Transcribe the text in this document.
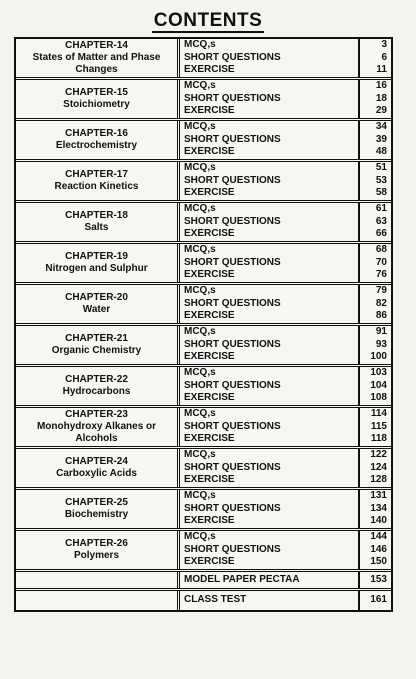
CONTENTS
CHAPTER-14
States of Matter and Phase
Changes
MCQ,s
SHORT QUESTIONS
EXERCISE
3
6
11
CHAPTER-15
Stoichiometry
MCQ,s
SHORT QUESTIONS
EXERCISE
16
18
29
CHAPTER-16
Electrochemistry
MCQ,s
SHORT QUESTIONS
EXERCISE
34
39
48
CHAPTER-17
Reaction Kinetics
MCQ,s
SHORT QUESTIONS
EXERCISE
51
53
58
CHAPTER-18
Salts
MCQ,s
SHORT QUESTIONS
EXERCISE
61
63
66
CHAPTER-19
Nitrogen and Sulphur
MCQ,s
SHORT QUESTIONS
EXERCISE
68
70
76
CHAPTER-20
Water
MCQ,s
SHORT QUESTIONS
EXERCISE
79
82
86
CHAPTER-21
Organic Chemistry
MCQ,s
SHORT QUESTIONS
EXERCISE
91
93
100
CHAPTER-22
Hydrocarbons
MCQ,s
SHORT QUESTIONS
EXERCISE
103
104
108
CHAPTER-23
Monohydroxy Alkanes or
Alcohols
MCQ,s
SHORT QUESTIONS
EXERCISE
114
115
118
CHAPTER-24
Carboxylic Acids
MCQ,s
SHORT QUESTIONS
EXERCISE
122
124
128
CHAPTER-25
Biochemistry
MCQ,s
SHORT QUESTIONS
EXERCISE
131
134
140
CHAPTER-26
Polymers
MCQ,s
SHORT QUESTIONS
EXERCISE
144
146
150
MODEL PAPER PECTAA	153
CLASS TEST	161
